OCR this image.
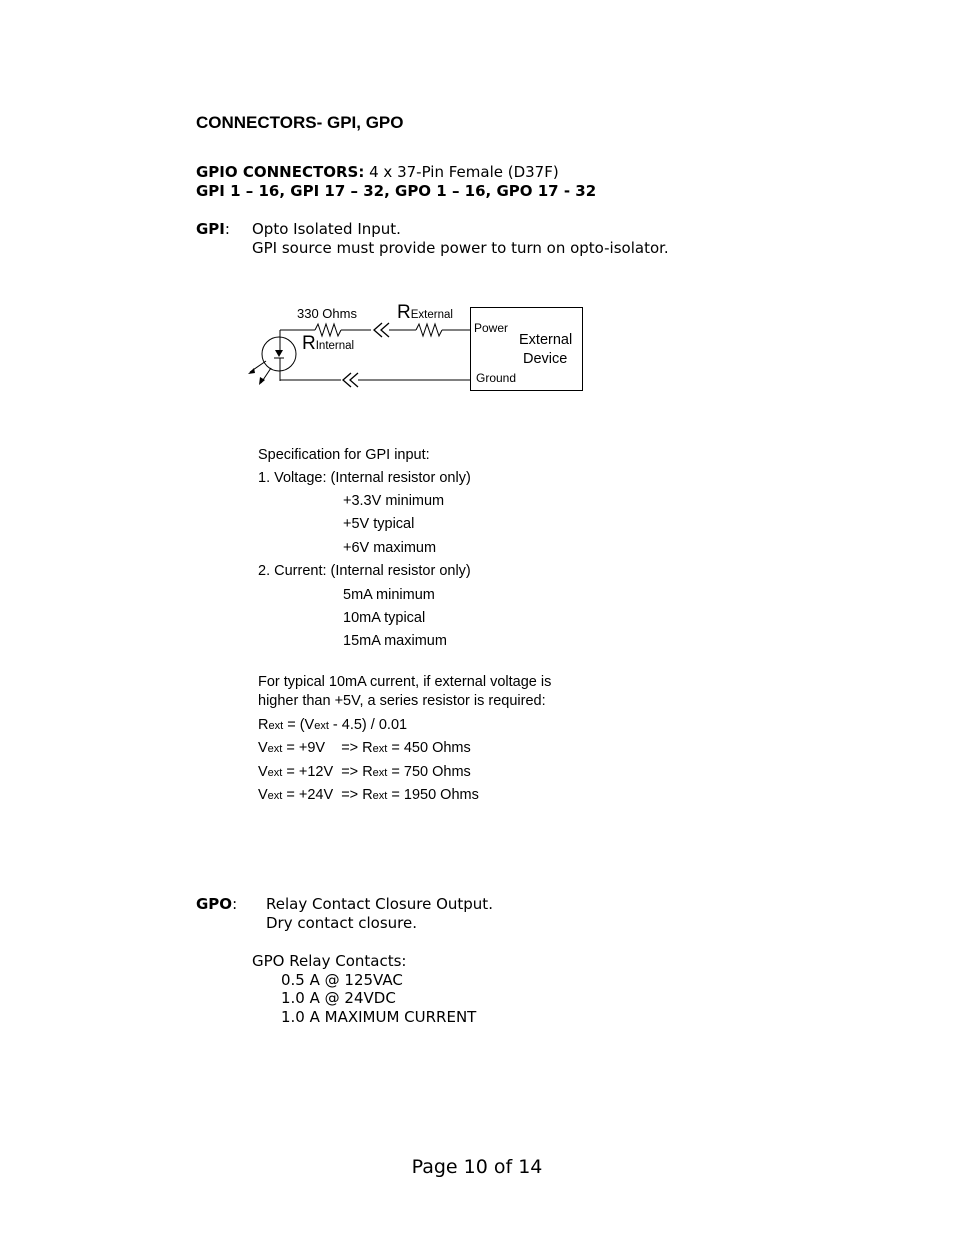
CONNECTORS- GPI, GPO
GPIO CONNECTORS: 4 x 37-Pin Female (D37F)
GPI 1 – 16, GPI 17 – 32, GPO 1 – 16, GPO 17 - 32
GPI: Opto Isolated Input.
GPI source must provide power to turn on opto-isolator.
330 Ohms
RInternal
RExternal
Power
Ground
External
Device
Specification for GPI input:
1. Voltage: (Internal resistor only)
+3.3V minimum
+5V typical
+6V maximum
2. Current: (Internal resistor only)
5mA minimum
10mA typical
15mA maximum
For typical 10mA current, if external voltage is
higher than +5V, a series resistor is required:
Rext = (Vext - 4.5) / 0.01
Vext = +9V    => Rext = 450 Ohms
Vext = +12V  => Rext = 750 Ohms
Vext = +24V  => Rext = 1950 Ohms
GPO: Relay Contact Closure Output.
Dry contact closure.
GPO Relay Contacts:
0.5 A @ 125VAC
1.0 A @ 24VDC
1.0 A MAXIMUM CURRENT
Page 10 of 14
